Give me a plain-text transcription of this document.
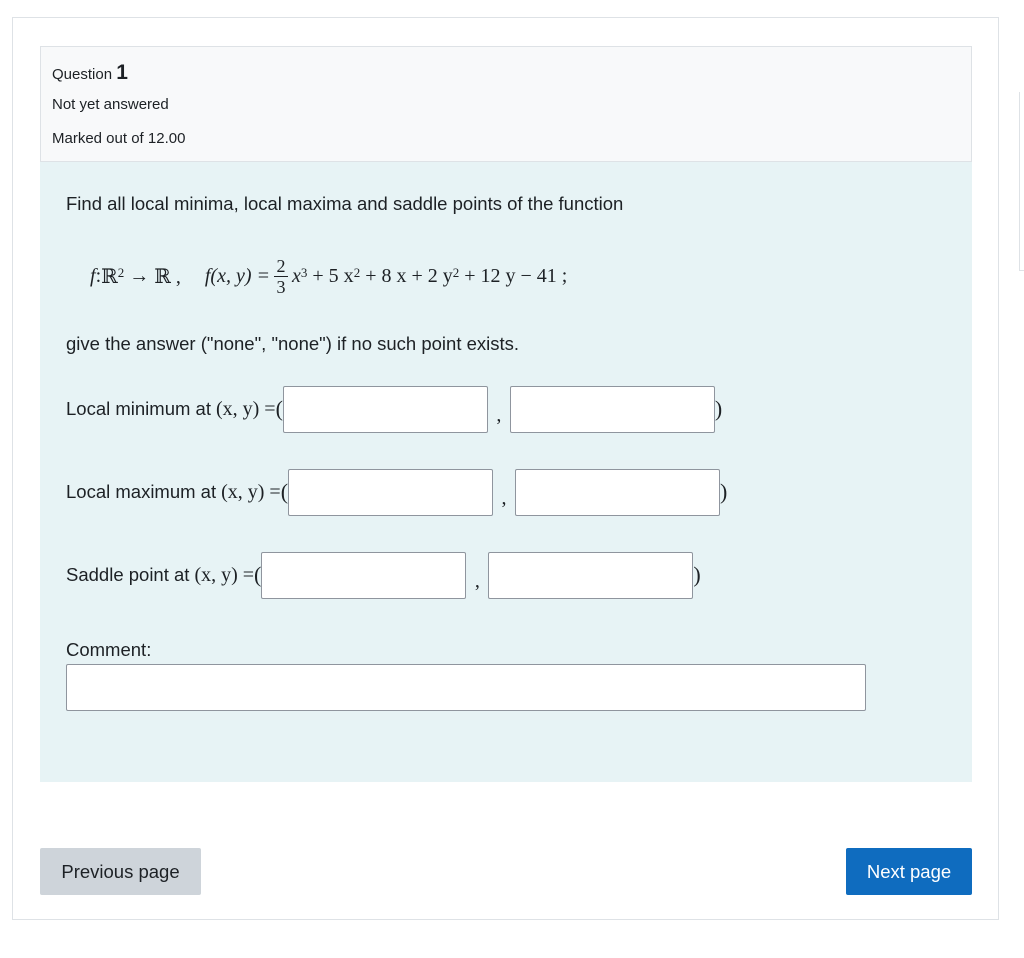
Question 1
Not yet answered
Marked out of 12.00
Find all local minima, local maxima and saddle points of the function
f : ℝ$^2$
→
ℝ , f(x, $y) = \frac{2}{3} x^3$
+ 5 $x^2$
+ 8 x + 2 $y^2$
+ 12 y − 41 ;
give the answer ("none", "none") if no such point exists.
Local minimum at (x, y) = (	,	)
Local maximum at (x, y) = (	,	)
Saddle point at (x, y) = (	,	)
Comment:
Previous page	Next page
